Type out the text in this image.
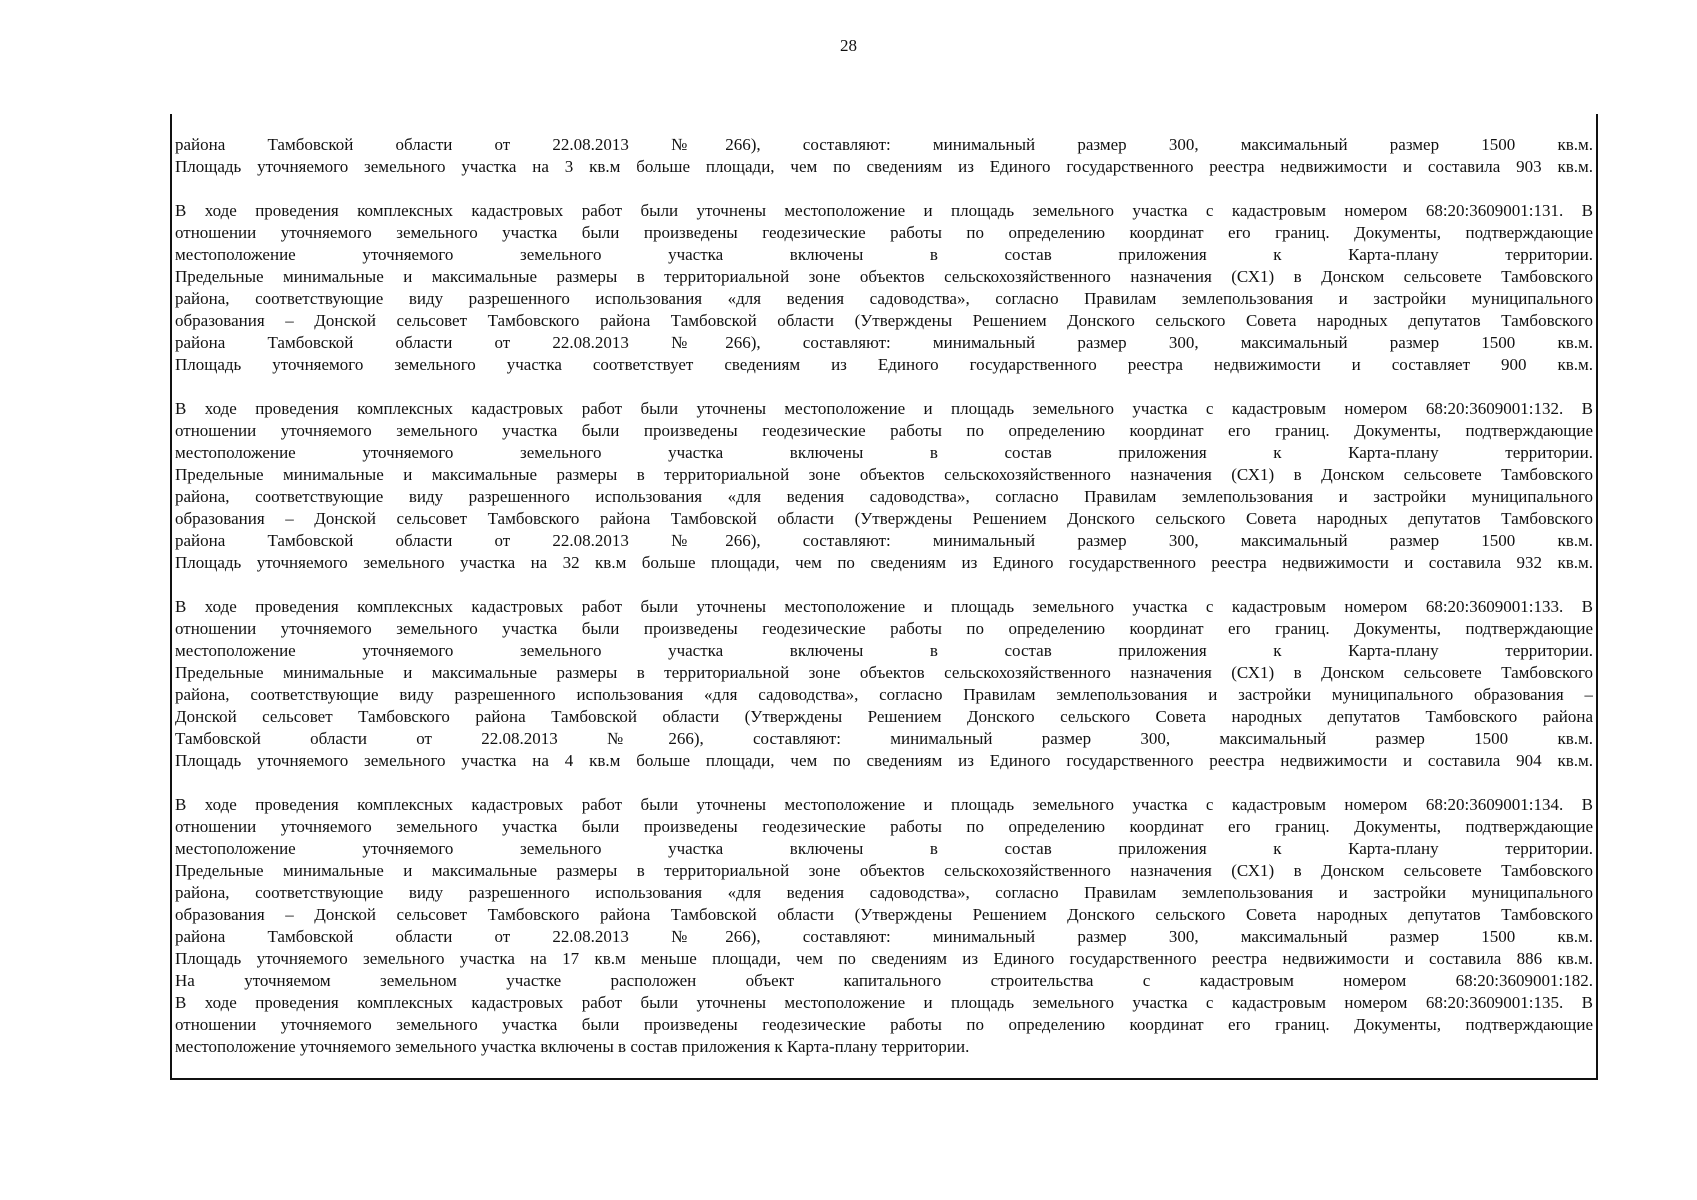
28
района Тамбовской области от 22.08.2013 №266), составляют: минимальный размер 300, максимальный размер 1500 кв.м.
Площадь уточняемого земельного участка на 3 кв.м больше площади, чем по сведениям из Единого государственного реестра недвижимости и составила 903 кв.м.
В ходе проведения комплексных кадастровых работ были уточнены местоположение и площадь земельного участка с кадастровым номером 68:20:3609001:131. В
отношении уточняемого земельного участка были произведены геодезические работы по определению координат его границ. Документы, подтверждающие
местоположение уточняемого земельного участка включены в состав приложения к Карта-плану территории.
Предельные минимальные и максимальные размеры в территориальной зоне объектов сельскохозяйственного назначения (СХ1) в Донском сельсовете Тамбовского
района, соответствующие виду разрешенного использования «для ведения садоводства», согласно Правилам землепользования и застройки муниципального
образования – Донской сельсовет Тамбовского района Тамбовской области (Утверждены Решением Донского сельского Совета народных депутатов Тамбовского
района Тамбовской области от 22.08.2013 №266), составляют: минимальный размер 300, максимальный размер 1500 кв.м.
Площадь уточняемого земельного участка соответствует сведениям из Единого государственного реестра недвижимости и составляет 900 кв.м.
В ходе проведения комплексных кадастровых работ были уточнены местоположение и площадь земельного участка с кадастровым номером 68:20:3609001:132. В
отношении уточняемого земельного участка были произведены геодезические работы по определению координат его границ. Документы, подтверждающие
местоположение уточняемого земельного участка включены в состав приложения к Карта-плану территории.
Предельные минимальные и максимальные размеры в территориальной зоне объектов сельскохозяйственного назначения (СХ1) в Донском сельсовете Тамбовского
района, соответствующие виду разрешенного использования «для ведения садоводства», согласно Правилам землепользования и застройки муниципального
образования – Донской сельсовет Тамбовского района Тамбовской области (Утверждены Решением Донского сельского Совета народных депутатов Тамбовского
района Тамбовской области от 22.08.2013 №266), составляют: минимальный размер 300, максимальный размер 1500 кв.м.
Площадь уточняемого земельного участка на 32 кв.м больше площади, чем по сведениям из Единого государственного реестра недвижимости и составила 932 кв.м.
В ходе проведения комплексных кадастровых работ были уточнены местоположение и площадь земельного участка с кадастровым номером 68:20:3609001:133. В
отношении уточняемого земельного участка были произведены геодезические работы по определению координат его границ. Документы, подтверждающие
местоположение уточняемого земельного участка включены в состав приложения к Карта-плану территории.
Предельные минимальные и максимальные размеры в территориальной зоне объектов сельскохозяйственного назначения (СХ1) в Донском сельсовете Тамбовского
района, соответствующие виду разрешенного использования «для садоводства», согласно Правилам землепользования и застройки муниципального образования –
Донской сельсовет Тамбовского района Тамбовской области (Утверждены Решением Донского сельского Совета народных депутатов Тамбовского района
Тамбовской области от 22.08.2013 №266), составляют: минимальный размер 300, максимальный размер 1500 кв.м.
Площадь уточняемого земельного участка на 4 кв.м больше площади, чем по сведениям из Единого государственного реестра недвижимости и составила 904 кв.м.
В ходе проведения комплексных кадастровых работ были уточнены местоположение и площадь земельного участка с кадастровым номером 68:20:3609001:134. В
отношении уточняемого земельного участка были произведены геодезические работы по определению координат его границ. Документы, подтверждающие
местоположение уточняемого земельного участка включены в состав приложения к Карта-плану территории.
Предельные минимальные и максимальные размеры в территориальной зоне объектов сельскохозяйственного назначения (СХ1) в Донском сельсовете Тамбовского
района, соответствующие виду разрешенного использования «для ведения садоводства», согласно Правилам землепользования и застройки муниципального
образования – Донской сельсовет Тамбовского района Тамбовской области (Утверждены Решением Донского сельского Совета народных депутатов Тамбовского
района Тамбовской области от 22.08.2013 №266), составляют: минимальный размер 300, максимальный размер 1500 кв.м.
Площадь уточняемого земельного участка на 17 кв.м меньше площади, чем по сведениям из Единого государственного реестра недвижимости и составила 886 кв.м.
На уточняемом земельном участке расположен объект капитального строительства с кадастровым номером 68:20:3609001:182.
В ходе проведения комплексных кадастровых работ были уточнены местоположение и площадь земельного участка с кадастровым номером 68:20:3609001:135. В
отношении уточняемого земельного участка были произведены геодезические работы по определению координат его границ. Документы, подтверждающие
местоположение уточняемого земельного участка включены в состав приложения к Карта-плану территории.
